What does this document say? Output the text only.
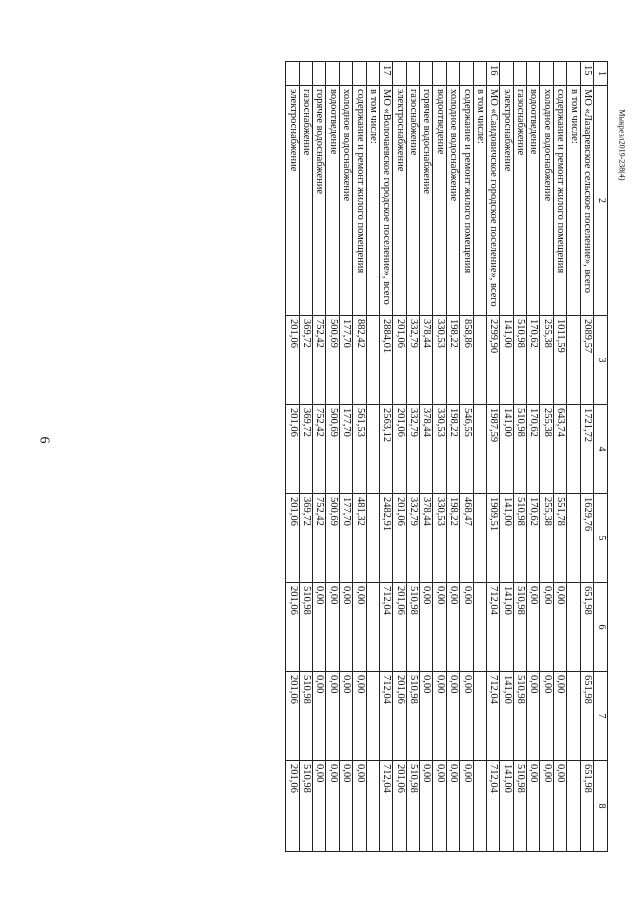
6
Мыкрезл2019-238(4)
1	2	3	4	5	6	7	8
15	МО «Лазаревское сельское поселение», всего	2089,57	1721,72	1629,76	651,98	651,98	651,98
	в том числе:						
	содержание и ремонт жилого помещения	1011,59	643,74	551,78	0,00	0,00	0,00
	холодное водоснабжение	255,38	255,38	255,38	0,00	0,00	0,00
	водоотведение	170,62	170,62	170,62	0,00	0,00	0,00
	газоснабжение	510,98	510,98	510,98	510,98	510,98	510,98
	электроснабжение	141,00	141,00	141,00	141,00	141,00	141,00
16	МО «Саидовичское городское поселение», всего	2299,90	1987,59	1909,51	712,04	712,04	712,04
	в том числе:						
	содержание и ремонт жилого помещения	858,86	546,55	468,47	0,00	0,00	0,00
	холодное водоснабжение	198,22	198,22	198,22	0,00	0,00	0,00
	водоотведение	330,53	330,53	330,53	0,00	0,00	0,00
	горячее водоснабжение	378,44	378,44	378,44	0,00	0,00	0,00
	газоснабжение	332,79	332,79	332,79	510,98	510,98	510,98
	электроснабжение	201,06	201,06	201,06	201,06	201,06	201,06
17	МО «Волочаевское городское поселение», всего	2884,01	2563,12	2482,91	712,04	712,04	712,04
	в том числе:						
	содержание и ремонт жилого помещения	882,42	561,53	481,32	0,00	0,00	0,00
	холодное водоснабжение	177,70	177,70	177,70	0,00	0,00	0,00
	водоотведение	500,69	500,69	500,69	0,00	0,00	0,00
	горячее водоснабжение	752,42	752,42	752,42	0,00	0,00	0,00
	газоснабжение	369,72	369,72	369,72	510,98	510,98	510,98
	электроснабжение	201,06	201,06	201,06	201,06	201,06	201,06
